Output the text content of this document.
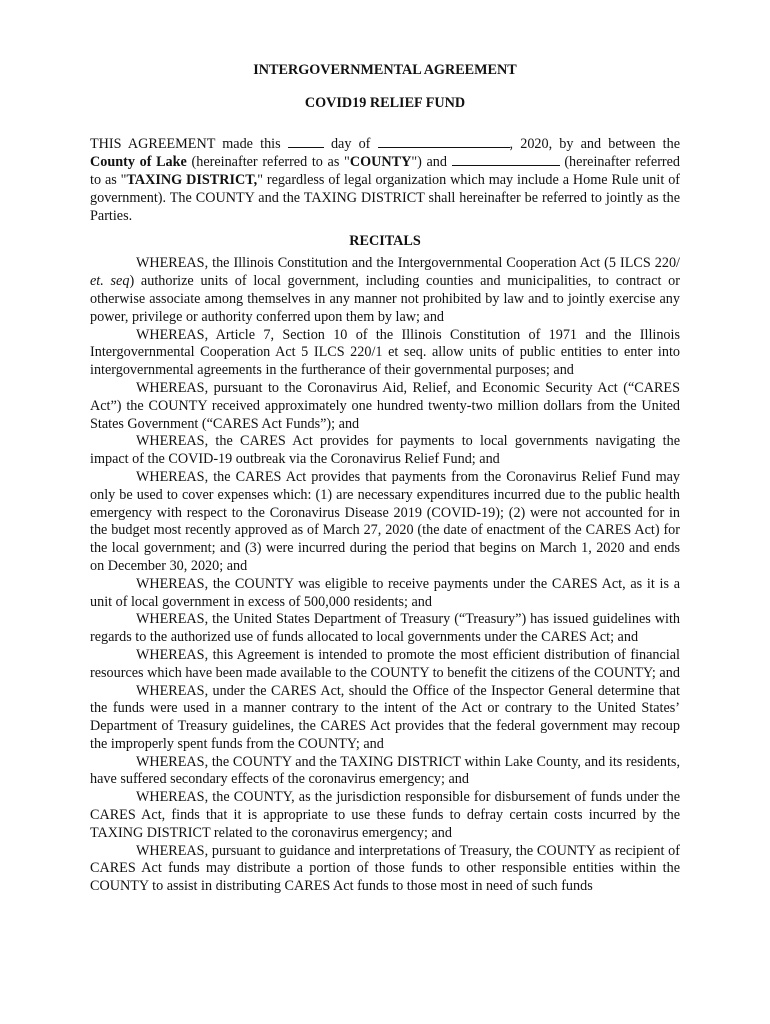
INTERGOVERNMENTAL AGREEMENT

COVID19 RELIEF FUND

THIS AGREEMENT made this	day of	, 2020, by and between the County of Lake (hereinafter referred to as "COUNTY") and	(hereinafter referred to as "TAXING DISTRICT," regardless of legal organization which may include a Home Rule unit of government). The COUNTY and the TAXING DISTRICT shall hereinafter be referred to jointly as the Parties.

RECITALS

WHEREAS, the Illinois Constitution and the Intergovernmental Cooperation Act (5 ILCS 220/ et. seq) authorize units of local government, including counties and municipalities, to contract or otherwise associate among themselves in any manner not prohibited by law and to jointly exercise any power, privilege or authority conferred upon them by law; and

WHEREAS, Article 7, Section 10 of the Illinois Constitution of 1971 and the Illinois Intergovernmental Cooperation Act 5 ILCS 220/1 et seq. allow units of public entities to enter into intergovernmental agreements in the furtherance of their governmental purposes; and

WHEREAS, pursuant to the Coronavirus Aid, Relief, and Economic Security Act (“CARES Act”) the COUNTY received approximately one hundred twenty-two million dollars from the United States Government (“CARES Act Funds”); and

WHEREAS, the CARES Act provides for payments to local governments navigating the impact of the COVID-19 outbreak via the Coronavirus Relief Fund; and

WHEREAS, the CARES Act provides that payments from the Coronavirus Relief Fund may only be used to cover expenses which: (1) are necessary expenditures incurred due to the public health emergency with respect to the Coronavirus Disease 2019 (COVID-19); (2) were not accounted for in the budget most recently approved as of March 27, 2020 (the date of enactment of the CARES Act) for the local government; and (3) were incurred during the period that begins on March 1, 2020 and ends on December 30, 2020; and

WHEREAS, the COUNTY was eligible to receive payments under the CARES Act, as it is a unit of local government in excess of 500,000 residents; and

WHEREAS, the United States Department of Treasury (“Treasury”) has issued guidelines with regards to the authorized use of funds allocated to local governments under the CARES Act; and

WHEREAS, this Agreement is intended to promote the most efficient distribution of financial resources which have been made available to the COUNTY to benefit the citizens of the COUNTY; and

WHEREAS, under the CARES Act, should the Office of the Inspector General determine that the funds were used in a manner contrary to the intent of the Act or contrary to the United States’ Department of Treasury guidelines, the CARES Act provides that the federal government may recoup the improperly spent funds from the COUNTY; and

WHEREAS, the COUNTY and the TAXING DISTRICT within Lake County, and its residents, have suffered secondary effects of the coronavirus emergency; and

WHEREAS, the COUNTY, as the jurisdiction responsible for disbursement of funds under the CARES Act, finds that it is appropriate to use these funds to defray certain costs incurred by the TAXING DISTRICT related to the coronavirus emergency; and

WHEREAS, pursuant to guidance and interpretations of Treasury, the COUNTY as recipient of CARES Act funds may distribute a portion of those funds to other responsible entities within the COUNTY to assist in distributing CARES Act funds to those most in need of such funds
